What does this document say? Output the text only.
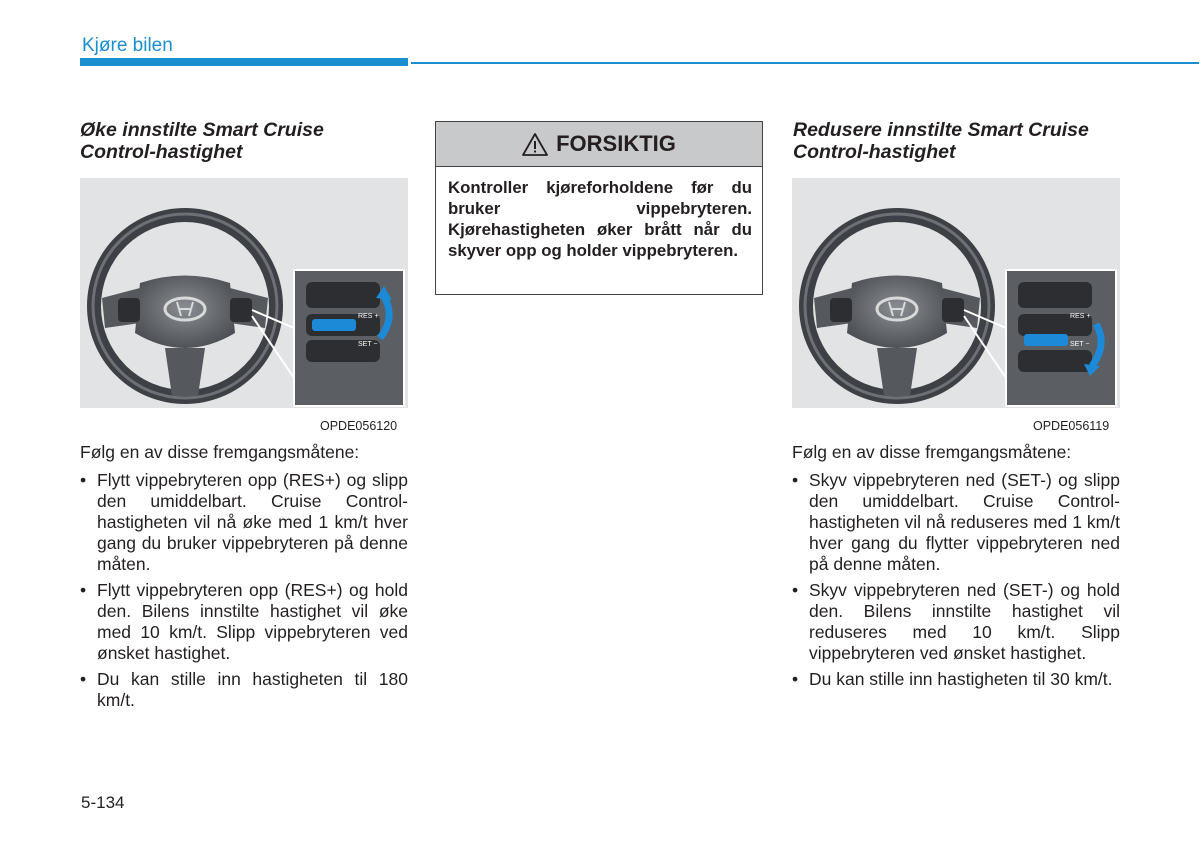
Kjøre bilen
Øke innstilte Smart Cruise
Control-hastighet
RES +
SET −
OPDE056120
Følg en av disse fremgangsmåtene:
• Flytt vippebryteren opp (RES+) og slipp den umiddelbart. Cruise Control-hastigheten vil nå øke med 1 km/t hver gang du bruker vippebryteren på denne måten.
• Flytt vippebryteren opp (RES+) og hold den. Bilens innstilte hastighet vil øke med 10 km/t. Slipp vippebryteren ved ønsket hastighet.
• Du kan stille inn hastigheten til 180 km/t.
FORSIKTIG
Kontroller kjøreforholdene før du bruker vippebryteren. Kjørehastigheten øker brått når du skyver opp og holder vippebryteren.
Redusere innstilte Smart Cruise
Control-hastighet
RES +
SET −
OPDE056119
Følg en av disse fremgangsmåtene:
• Skyv vippebryteren ned (SET-) og slipp den umiddelbart. Cruise Control-hastigheten vil nå reduseres med 1 km/t hver gang du flytter vippebryteren ned på denne måten.
• Skyv vippebryteren ned (SET-) og hold den. Bilens innstilte hastighet vil reduseres med 10 km/t. Slipp vippebryteren ved ønsket hastighet.
• Du kan stille inn hastigheten til 30 km/t.
5-134
